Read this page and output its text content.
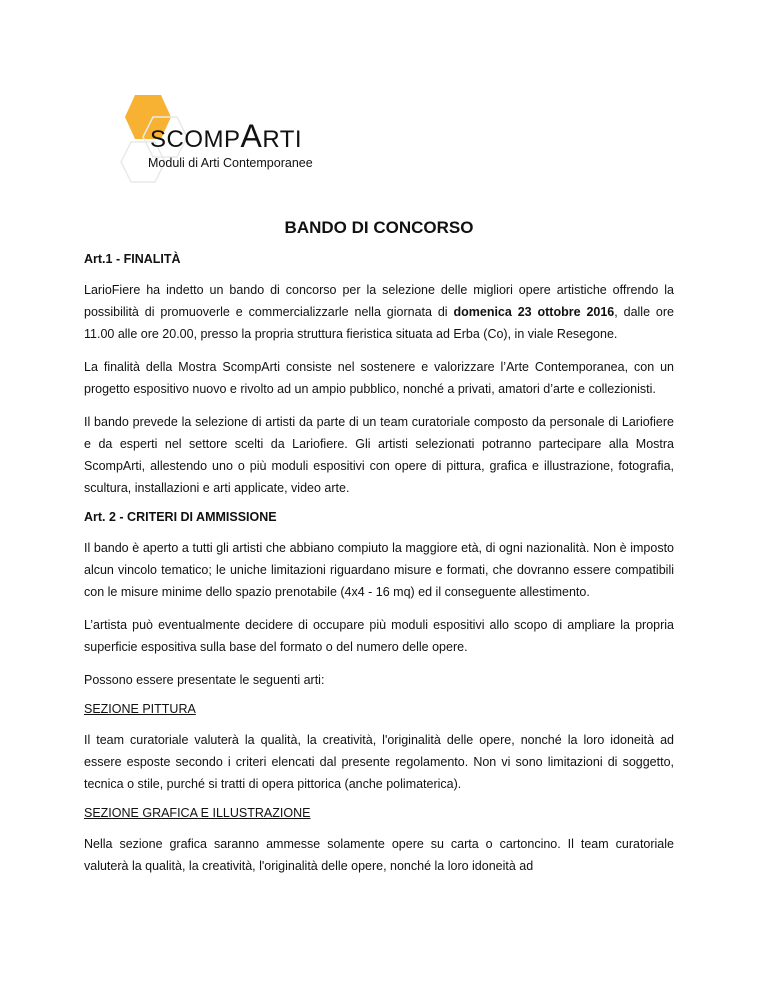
SCOMPARTI
Moduli di Arti Contemporanee
BANDO DI CONCORSO
Art.1 - FINALITÀ

LarioFiere ha indetto un bando di concorso per la selezione delle migliori opere artistiche offrendo la possibilità di promuoverle e commercializzarle nella giornata di domenica 23 ottobre 2016, dalle ore 11.00 alle ore 20.00, presso la propria struttura fieristica situata ad Erba (Co), in viale Resegone.

La finalità della Mostra ScompArti consiste nel sostenere e valorizzare l’Arte Contemporanea, con un progetto espositivo nuovo e rivolto ad un ampio pubblico, nonché a privati, amatori d’arte e collezionisti.

Il bando prevede la selezione di artisti da parte di un team curatoriale composto da personale di Lariofiere e da esperti nel settore scelti da Lariofiere. Gli artisti selezionati potranno partecipare alla Mostra ScompArti, allestendo uno o più moduli espositivi con opere di pittura, grafica e illustrazione, fotografia, scultura, installazioni e arti applicate, video arte.

Art. 2 - CRITERI DI AMMISSIONE

Il bando è aperto a tutti gli artisti che abbiano compiuto la maggiore età, di ogni nazionalità. Non è imposto alcun vincolo tematico; le uniche limitazioni riguardano misure e formati, che dovranno essere compatibili con le misure minime dello spazio prenotabile (4x4 - 16 mq) ed il conseguente allestimento.

L’artista può eventualmente decidere di occupare più moduli espositivi allo scopo di ampliare la propria superficie espositiva sulla base del formato o del numero delle opere.

Possono essere presentate le seguenti arti:

SEZIONE PITTURA

Il team curatoriale valuterà la qualità, la creatività, l'originalità delle opere, nonché la loro idoneità ad essere esposte secondo i criteri elencati dal presente regolamento. Non vi sono limitazioni di soggetto, tecnica o stile, purché si tratti di opera pittorica (anche polimaterica).

SEZIONE GRAFICA E ILLUSTRAZIONE

Nella sezione grafica saranno ammesse solamente opere su carta o cartoncino. Il team curatoriale valuterà la qualità, la creatività, l'originalità delle opere, nonché la loro idoneità ad
